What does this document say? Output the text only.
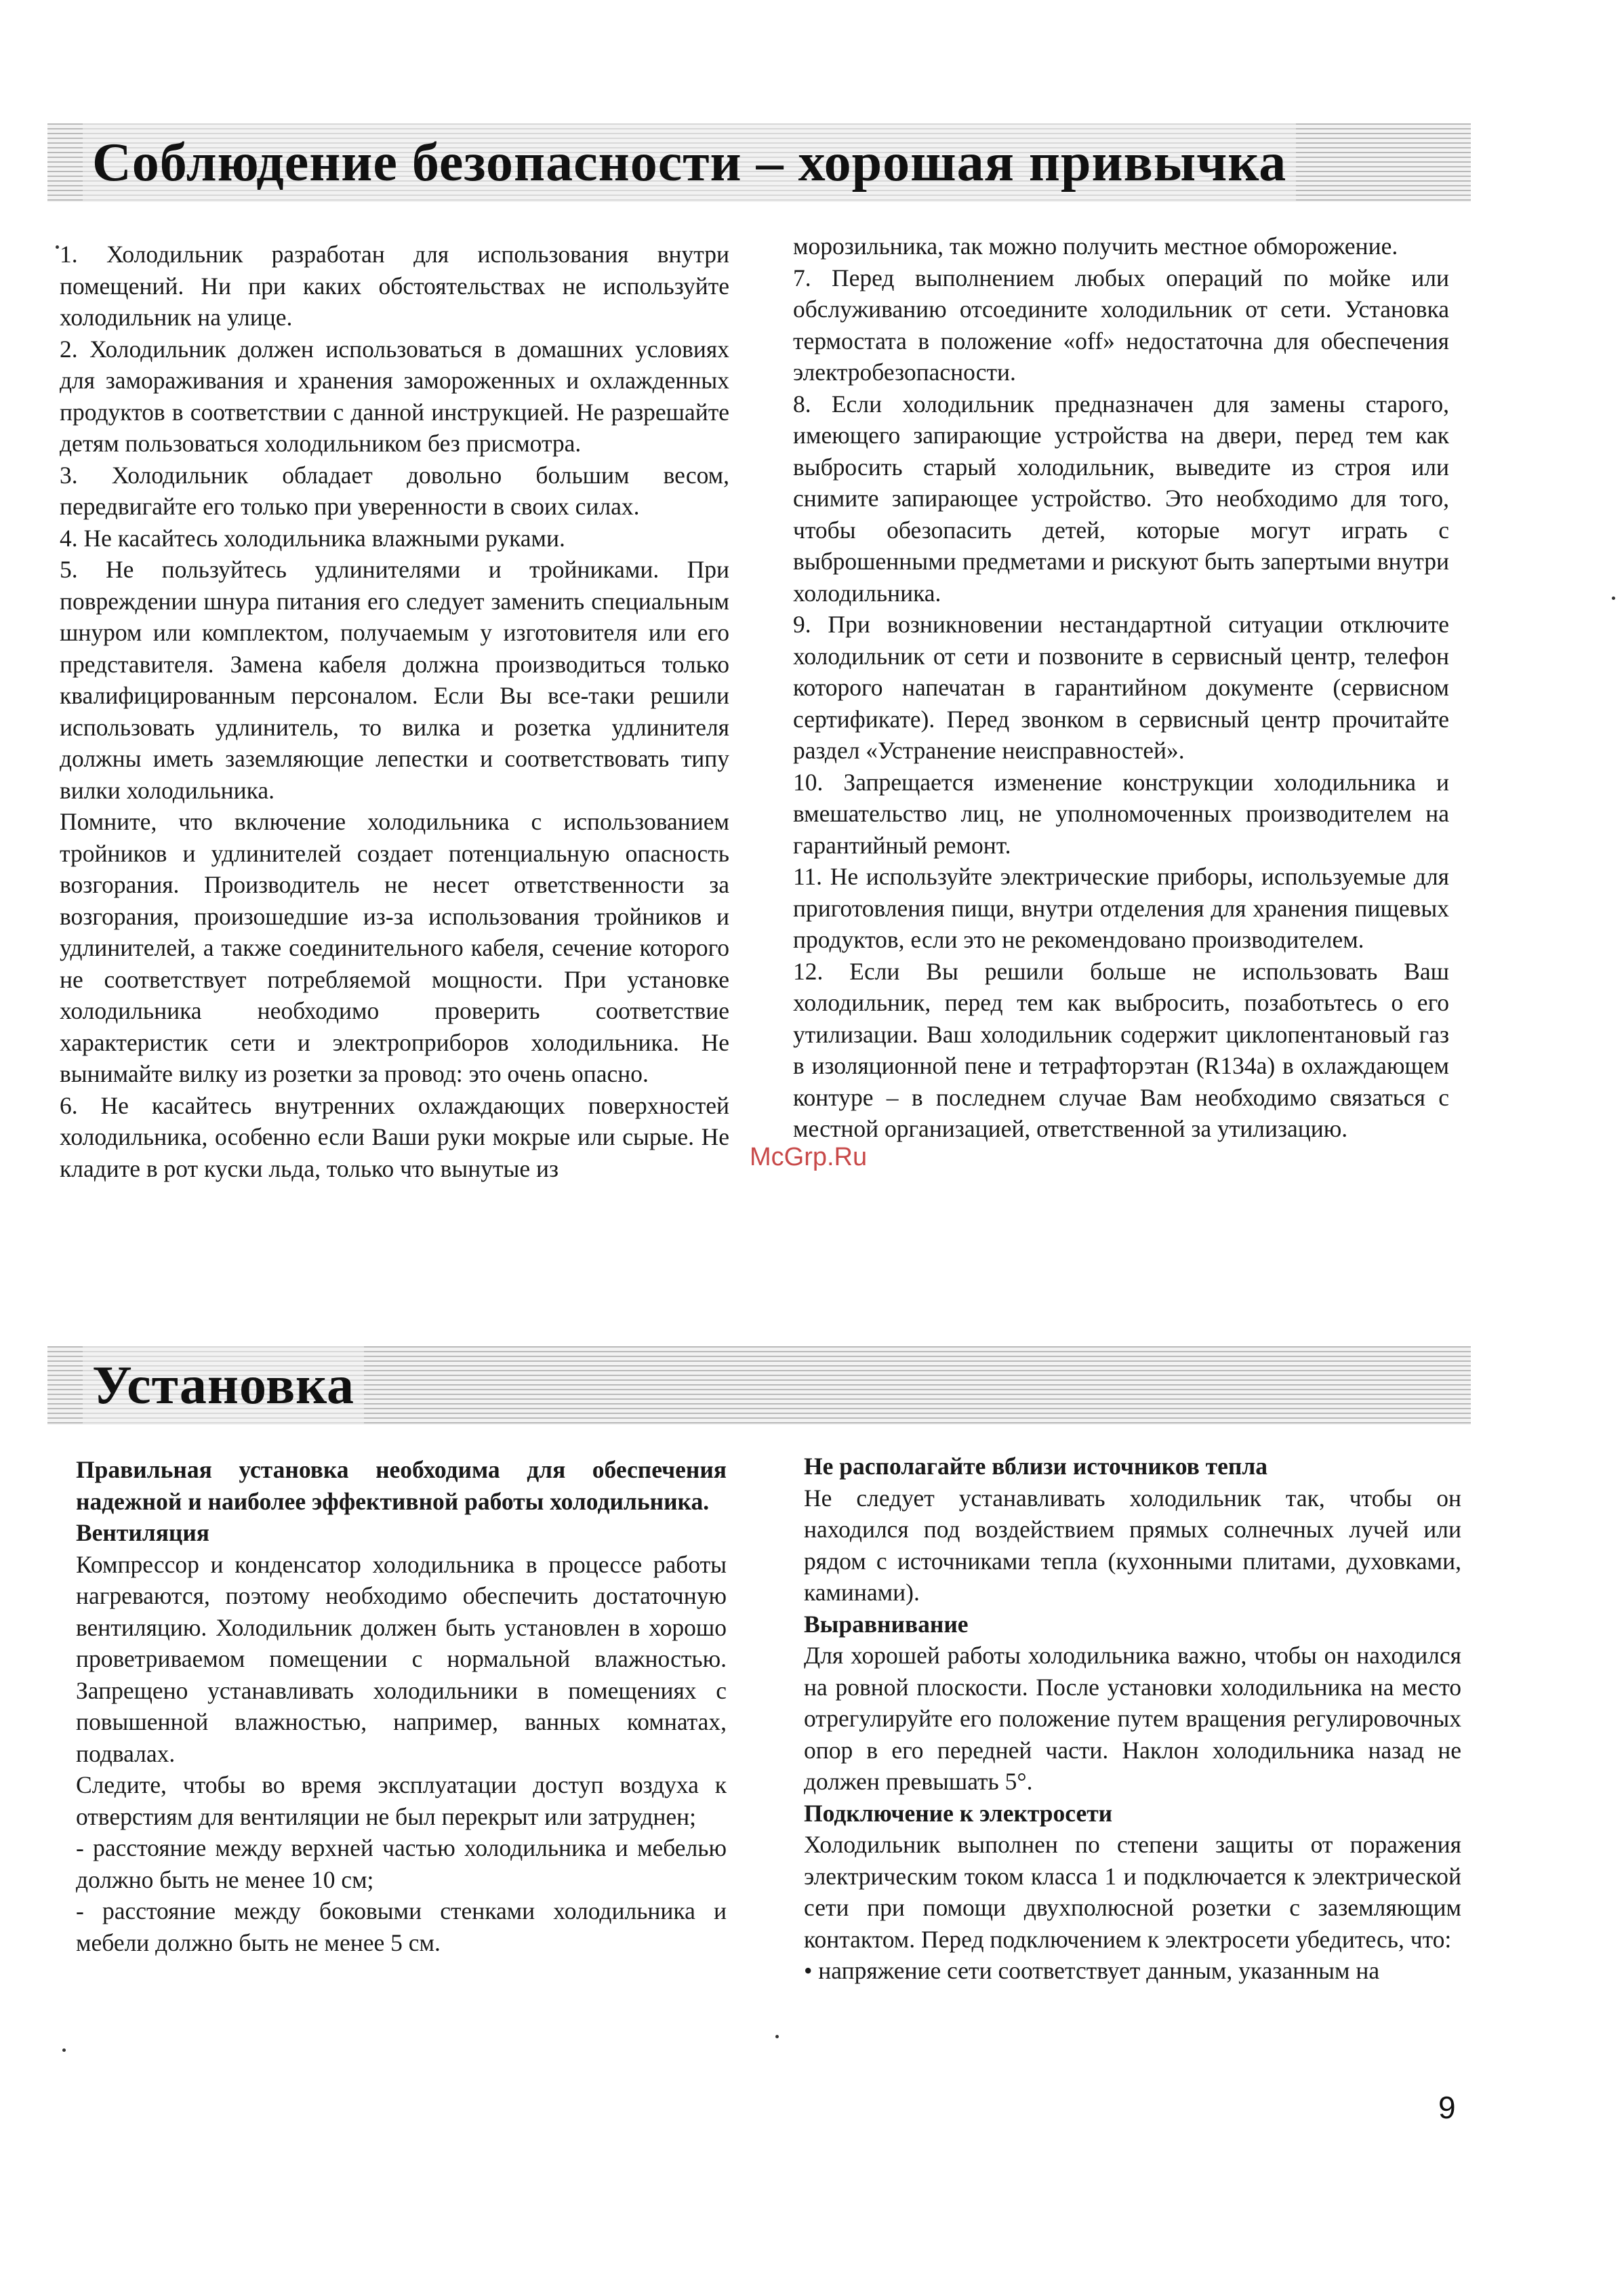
Соблюдение безопасности – хорошая привычка

1. Холодильник разработан для использования внутри помещений. Ни при каких обстоятельствах не используйте холодильник на улице.

2. Холодильник должен использоваться в домашних условиях для замораживания и хранения замороженных и охлажденных продуктов в соответствии с данной инструкцией. Не разрешайте детям пользоваться холодильником без присмотра.

3. Холодильник обладает довольно большим весом, передвигайте его только при уверенности в своих силах.

4. Не касайтесь холодильника влажными руками.

5. Не пользуйтесь удлинителями и тройниками. При повреждении шнура питания его следует заменить специальным шнуром или комплектом, получаемым у изготовителя или его представителя. Замена кабеля должна производиться только квалифицированным персоналом. Если Вы все-таки решили использовать удлинитель, то вилка и розетка удлинителя должны иметь заземляющие лепестки и соответствовать типу вилки холодильника.

Помните, что включение холодильника с использованием тройников и удлинителей создает потенциальную опасность возгорания. Производитель не несет ответственности за возгорания, произошедшие из-за использования тройников и удлинителей, а также соединительного кабеля, сечение которого не соответствует потребляемой мощности. При установке холодильника необходимо проверить соответствие характеристик сети и электроприборов холодильника. Не вынимайте вилку из розетки за провод: это очень опасно.

6. Не касайтесь внутренних охлаждающих поверхностей холодильника, особенно если Ваши руки мокрые или сырые. Не кладите в рот куски льда, только что вынутые из

морозильника, так можно получить местное обморожение.

7. Перед выполнением любых операций по мойке или обслуживанию отсоедините холодильник от сети. Установка термостата в положение «off» недостаточна для обеспечения электробезопасности.

8. Если холодильник предназначен для замены старого, имеющего запирающие устройства на двери, перед тем как выбросить старый холодильник, выведите из строя или снимите запирающее устройство. Это необходимо для того, чтобы обезопасить детей, которые могут играть с выброшенными предметами и рискуют быть запертыми внутри холодильника.

9. При возникновении нестандартной ситуации отключите холодильник от сети и позвоните в сервисный центр, телефон которого напечатан в гарантийном документе (сервисном сертификате). Перед звонком в сервисный центр прочитайте раздел «Устранение неисправностей».

10. Запрещается изменение конструкции холодильника и вмешательство лиц, не уполномоченных производителем на гарантийный ремонт.

11. Не используйте электрические приборы, используемые для приготовления пищи, внутри отделения для хранения пищевых продуктов, если это не рекомендовано производителем.

12. Если Вы решили больше не использовать Ваш холодильник, перед тем как выбросить, позаботьтесь о его утилизации. Ваш холодильник содержит циклопентановый газ в изоляционной пене и тетрафторэтан (R134a) в охлаждающем контуре – в последнем случае Вам необходимо связаться с местной организацией, ответственной за утилизацию.

McGrp.Ru

Установка

Правильная установка необходима для обеспечения надежной и наиболее эффективной работы холодильника.

Вентиляция

Компрессор и конденсатор холодильника в процессе работы нагреваются, поэтому необходимо обеспечить достаточную вентиляцию. Холодильник должен быть установлен в хорошо проветриваемом помещении с нормальной влажностью. Запрещено устанавливать холодильники в помещениях с повышенной влажностью, например, ванных комнатах, подвалах.

Следите, чтобы во время эксплуатации доступ воздуха к отверстиям для вентиляции не был перекрыт или затруднен;

- расстояние между верхней частью холодильника и мебелью должно быть не менее 10 см;

- расстояние между боковыми стенками холодильника и мебели должно быть не менее 5 см.

Не располагайте вблизи источников тепла

Не следует устанавливать холодильник так, чтобы он находился под воздействием прямых солнечных лучей или рядом с источниками тепла (кухонными плитами, духовками, каминами).

Выравнивание

Для хорошей работы холодильника важно, чтобы он находился на ровной плоскости. После установки холодильника на место отрегулируйте его положение путем вращения регулировочных опор в его передней части. Наклон холодильника назад не должен превышать 5°.

Подключение к электросети

Холодильник выполнен по степени защиты от поражения электрическим током класса 1 и подключается к электрической сети при помощи двухполюсной розетки с заземляющим контактом. Перед подключением к электросети убедитесь, что:

• напряжение сети соответствует данным, указанным на

9
